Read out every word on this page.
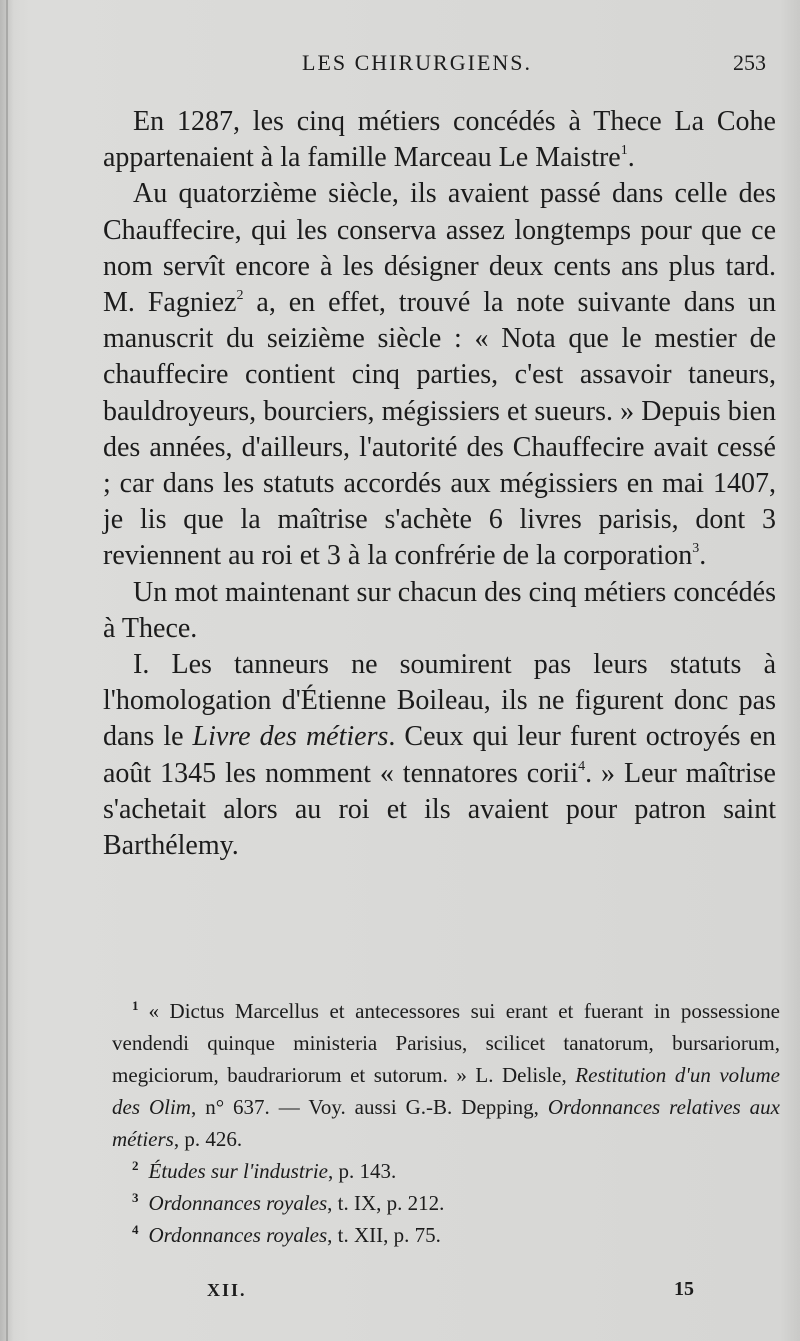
LES CHIRURGIENS.	253

En 1287, les cinq métiers concédés à Thece La Cohe appartenaient à la famille Marceau Le Maistre$^1$.

Au quatorzième siècle, ils avaient passé dans celle des Chauffecire, qui les conserva assez longtemps pour que ce nom servît encore à les désigner deux cents ans plus tard. M. Fagniez$^2$ a, en effet, trouvé la note suivante dans un manuscrit du seizième siècle : « Nota que le mestier de chauffecire contient cinq parties, c'est assavoir taneurs, bauldroyeurs, bourciers, mégissiers et sueurs. » Depuis bien des années, d'ailleurs, l'autorité des Chauffecire avait cessé ; car dans les statuts accordés aux mégissiers en mai 1407, je lis que la maîtrise s'achète 6 livres parisis, dont 3 reviennent au roi et 3 à la confrérie de la corporation$^3$.

Un mot maintenant sur chacun des cinq métiers concédés à Thece.

I. Les tanneurs ne soumirent pas leurs statuts à l'homologation d'Étienne Boileau, ils ne figurent donc pas dans le Livre des métiers. Ceux qui leur furent octroyés en août 1345 les nomment « tennatores corii$^4$. » Leur maîtrise s'achetait alors au roi et ils avaient pour patron saint Barthélemy.

$^1$ « Dictus Marcellus et antecessores sui erant et fuerant in possessione vendendi quinque ministeria Parisius, scilicet tanatorum, bursariorum, megiciorum, baudrariorum et sutorum. » L. Delisle, Restitution d'un volume des Olim, n° 637. — Voy. aussi G.-B. Depping, Ordonnances relatives aux métiers, p. 426.

$^2$ Études sur l'industrie, p. 143.

$^3$ Ordonnances royales, t. IX, p. 212.

$^4$ Ordonnances royales, t. XII, p. 75.

XII.	15
